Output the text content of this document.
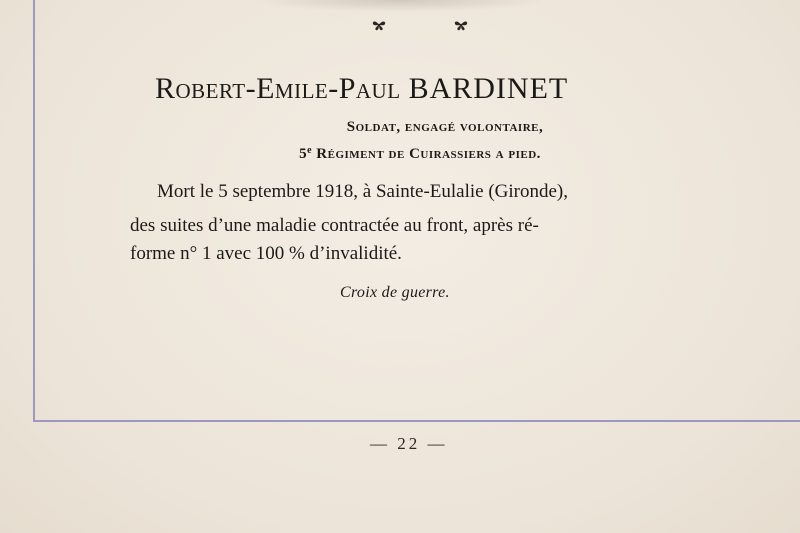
Robert-Emile-Paul BARDINET
Soldat, engagé volontaire,
5e Régiment de Cuirassiers a pied.
Mort le 5 septembre 1918, à Sainte-Eulalie (Gironde),
des suites d’une maladie contractée au front, après ré-
forme n° 1 avec 100 % d’invalidité.
Croix de guerre.
— 22 —
